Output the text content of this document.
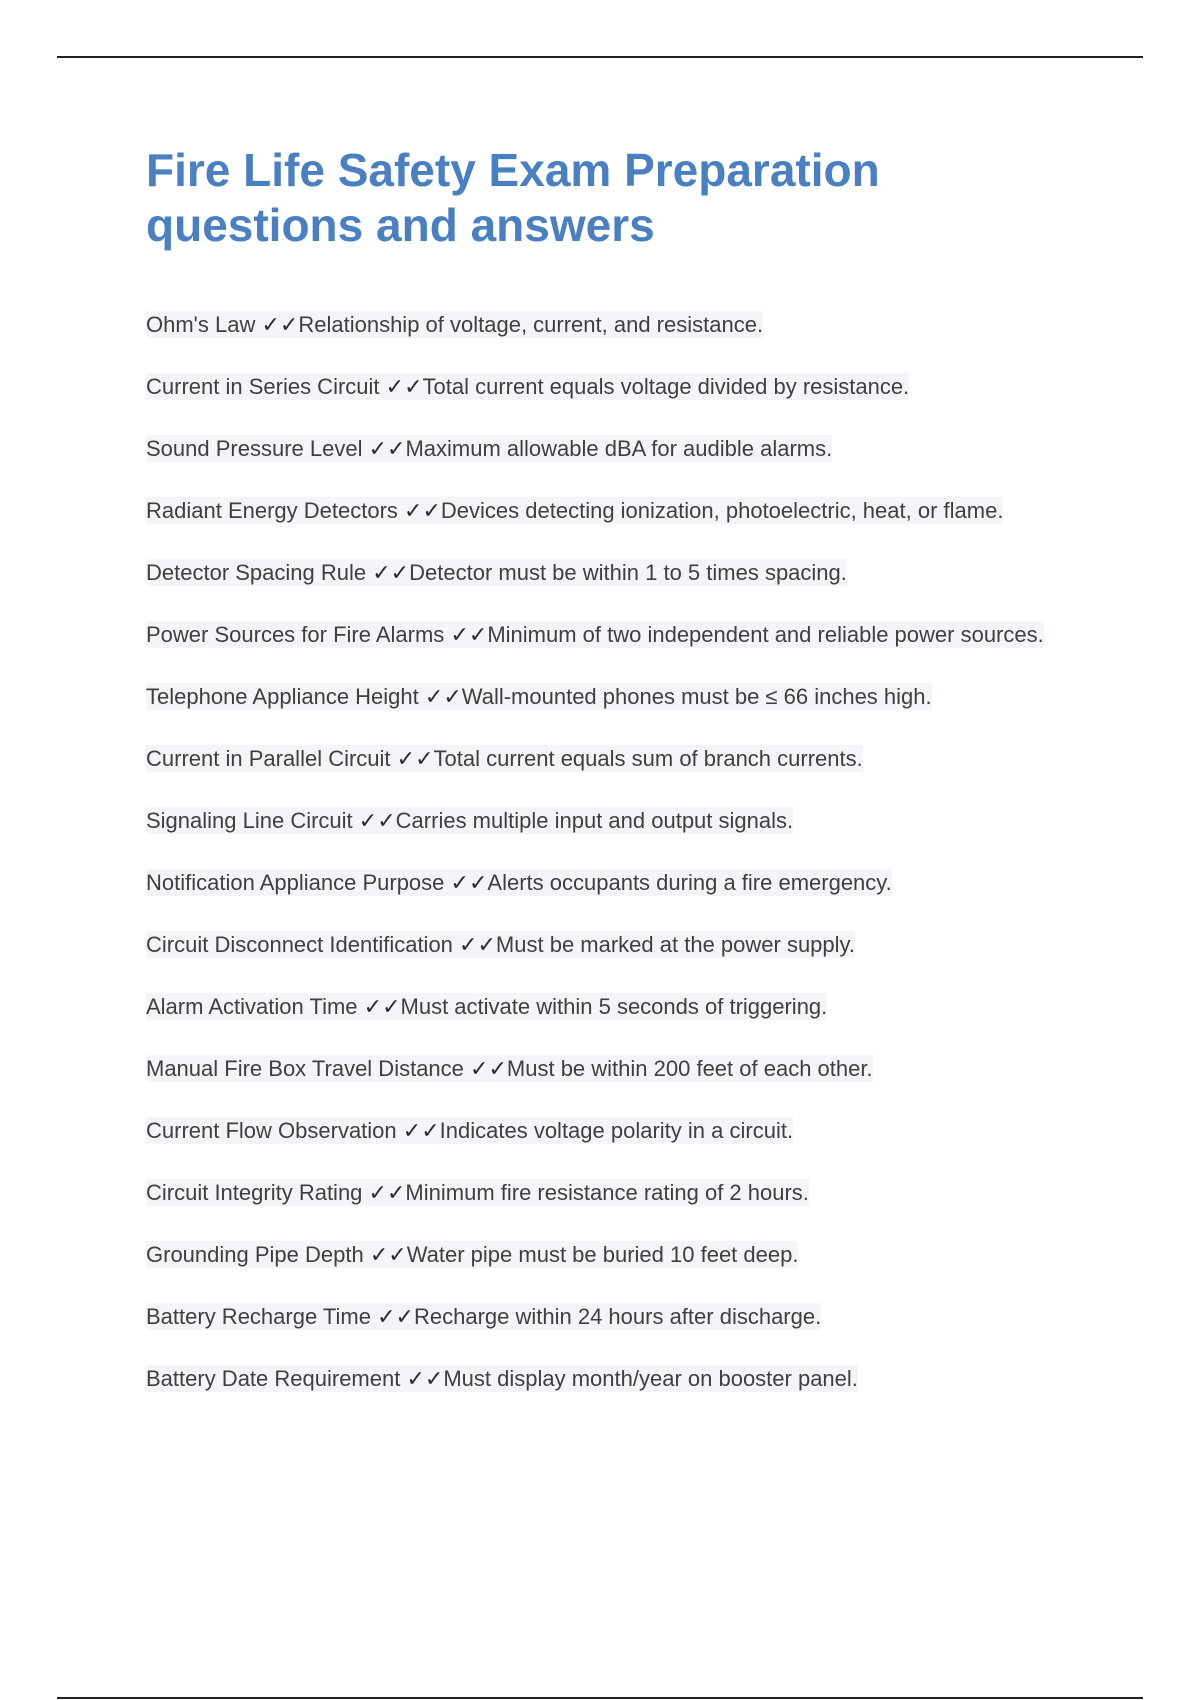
Fire Life Safety Exam Preparation questions and answers
Ohm's Law ✓✓Relationship of voltage, current, and resistance.
Current in Series Circuit ✓✓Total current equals voltage divided by resistance.
Sound Pressure Level ✓✓Maximum allowable dBA for audible alarms.
Radiant Energy Detectors ✓✓Devices detecting ionization, photoelectric, heat, or flame.
Detector Spacing Rule ✓✓Detector must be within 1 to 5 times spacing.
Power Sources for Fire Alarms ✓✓Minimum of two independent and reliable power sources.
Telephone Appliance Height ✓✓Wall-mounted phones must be ≤ 66 inches high.
Current in Parallel Circuit ✓✓Total current equals sum of branch currents.
Signaling Line Circuit ✓✓Carries multiple input and output signals.
Notification Appliance Purpose ✓✓Alerts occupants during a fire emergency.
Circuit Disconnect Identification ✓✓Must be marked at the power supply.
Alarm Activation Time ✓✓Must activate within 5 seconds of triggering.
Manual Fire Box Travel Distance ✓✓Must be within 200 feet of each other.
Current Flow Observation ✓✓Indicates voltage polarity in a circuit.
Circuit Integrity Rating ✓✓Minimum fire resistance rating of 2 hours.
Grounding Pipe Depth ✓✓Water pipe must be buried 10 feet deep.
Battery Recharge Time ✓✓Recharge within 24 hours after discharge.
Battery Date Requirement ✓✓Must display month/year on booster panel.
